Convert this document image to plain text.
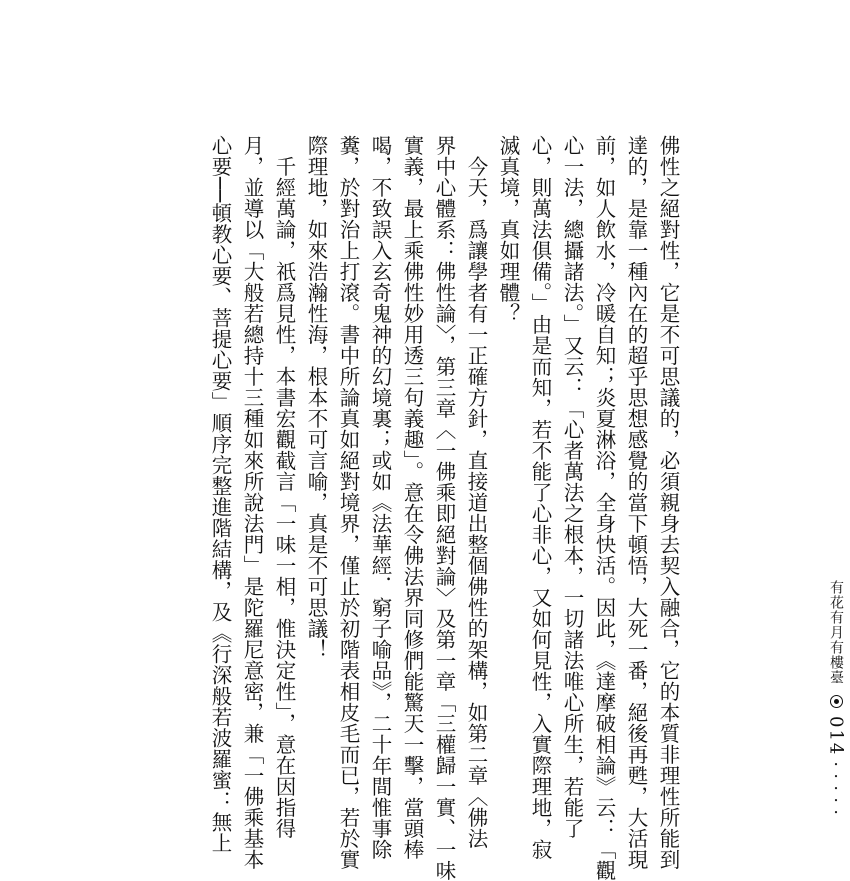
佛性之絕對性，它是不可思議的，必須親身去契入融合，它的本質非理性所能到
達的，是靠一種內在的超乎思想感覺的當下頓悟，大死一番，絕後再甦，大活現
前，如人飲水，冷暖自知；炎夏淋浴，全身快活。因此，《達摩破相論》云：「觀
心一法，總攝諸法。」又云：「心者萬法之根本，一切諸法唯心所生，若能了
心，則萬法俱備。」由是而知，若不能了心非心，又如何見性，入實際理地，寂
滅真境，真如理體？
　今天，爲讓學者有一正確方針，直接道出整個佛性的架構，如第二章〈佛法
界中心體系：佛性論〉，第三章〈一佛乘即絕對論〉及第一章「三權歸一實、一味
實義，最上乘佛性妙用透三句義趣」。意在令佛法界同修們能驚天一擊，當頭棒
喝，不致誤入玄奇鬼神的幻境裏；或如《法華經．窮子喻品》，二十年間惟事除
糞，於對治上打滾。書中所論真如絕對境界，僅止於初階表相皮毛而已，若於實
際理地，如來浩瀚性海，根本不可言喻，真是不可思議！
　千經萬論，祇爲見性，本書宏觀截言「一味一相，惟決定性」，意在因指得
月，並導以「大般若總持十三種如來所說法門」是陀羅尼意密，兼「一佛乘基本
心要──頓教心要、菩提心要」順序完整進階結構，及《行深般若波羅蜜：無上	有花有月有樓臺
014
・・・・・
